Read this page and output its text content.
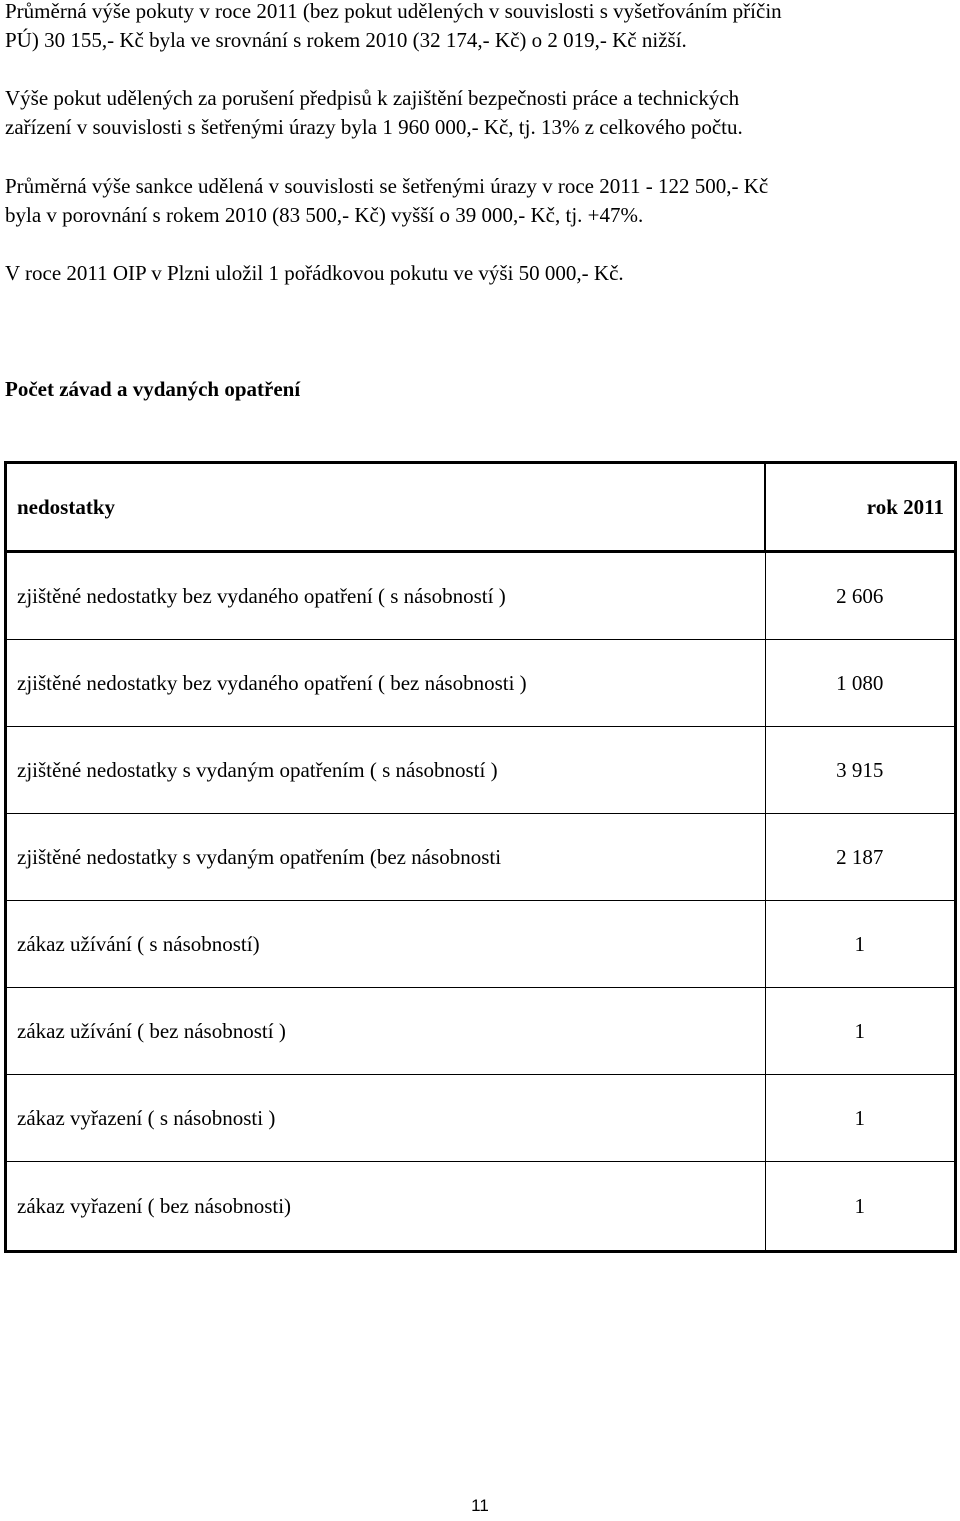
Průměrná výše pokuty v roce 2011 (bez pokut udělených v souvislosti s vyšetřováním příčin

PÚ) 30 155,- Kč byla ve srovnání s rokem 2010 (32 174,- Kč) o 2 019,- Kč nižší.

Výše pokut udělených za porušení předpisů k zajištění bezpečnosti práce a technických

zařízení v souvislosti s šetřenými úrazy byla 1 960 000,- Kč, tj. 13% z celkového počtu.

Průměrná výše sankce udělená v souvislosti se šetřenými úrazy v roce 2011 - 122 500,- Kč

byla v porovnání s rokem 2010 (83 500,- Kč) vyšší o 39 000,- Kč, tj. +47%.

V roce 2011 OIP v Plzni uložil 1 pořádkovou pokutu ve výši 50 000,- Kč.

Počet závad a vydaných opatření
nedostatky	rok 2011
zjištěné nedostatky bez vydaného opatření ( s násobností )	2 606
zjištěné nedostatky bez vydaného opatření ( bez násobnosti )	1 080
zjištěné nedostatky s vydaným opatřením ( s násobností )	3 915
zjištěné nedostatky s vydaným opatřením (bez násobnosti	2 187
zákaz užívání ( s násobností)	1
zákaz užívání ( bez násobností )	1
zákaz vyřazení ( s násobnosti )	1
zákaz vyřazení ( bez násobnosti)	1
11
